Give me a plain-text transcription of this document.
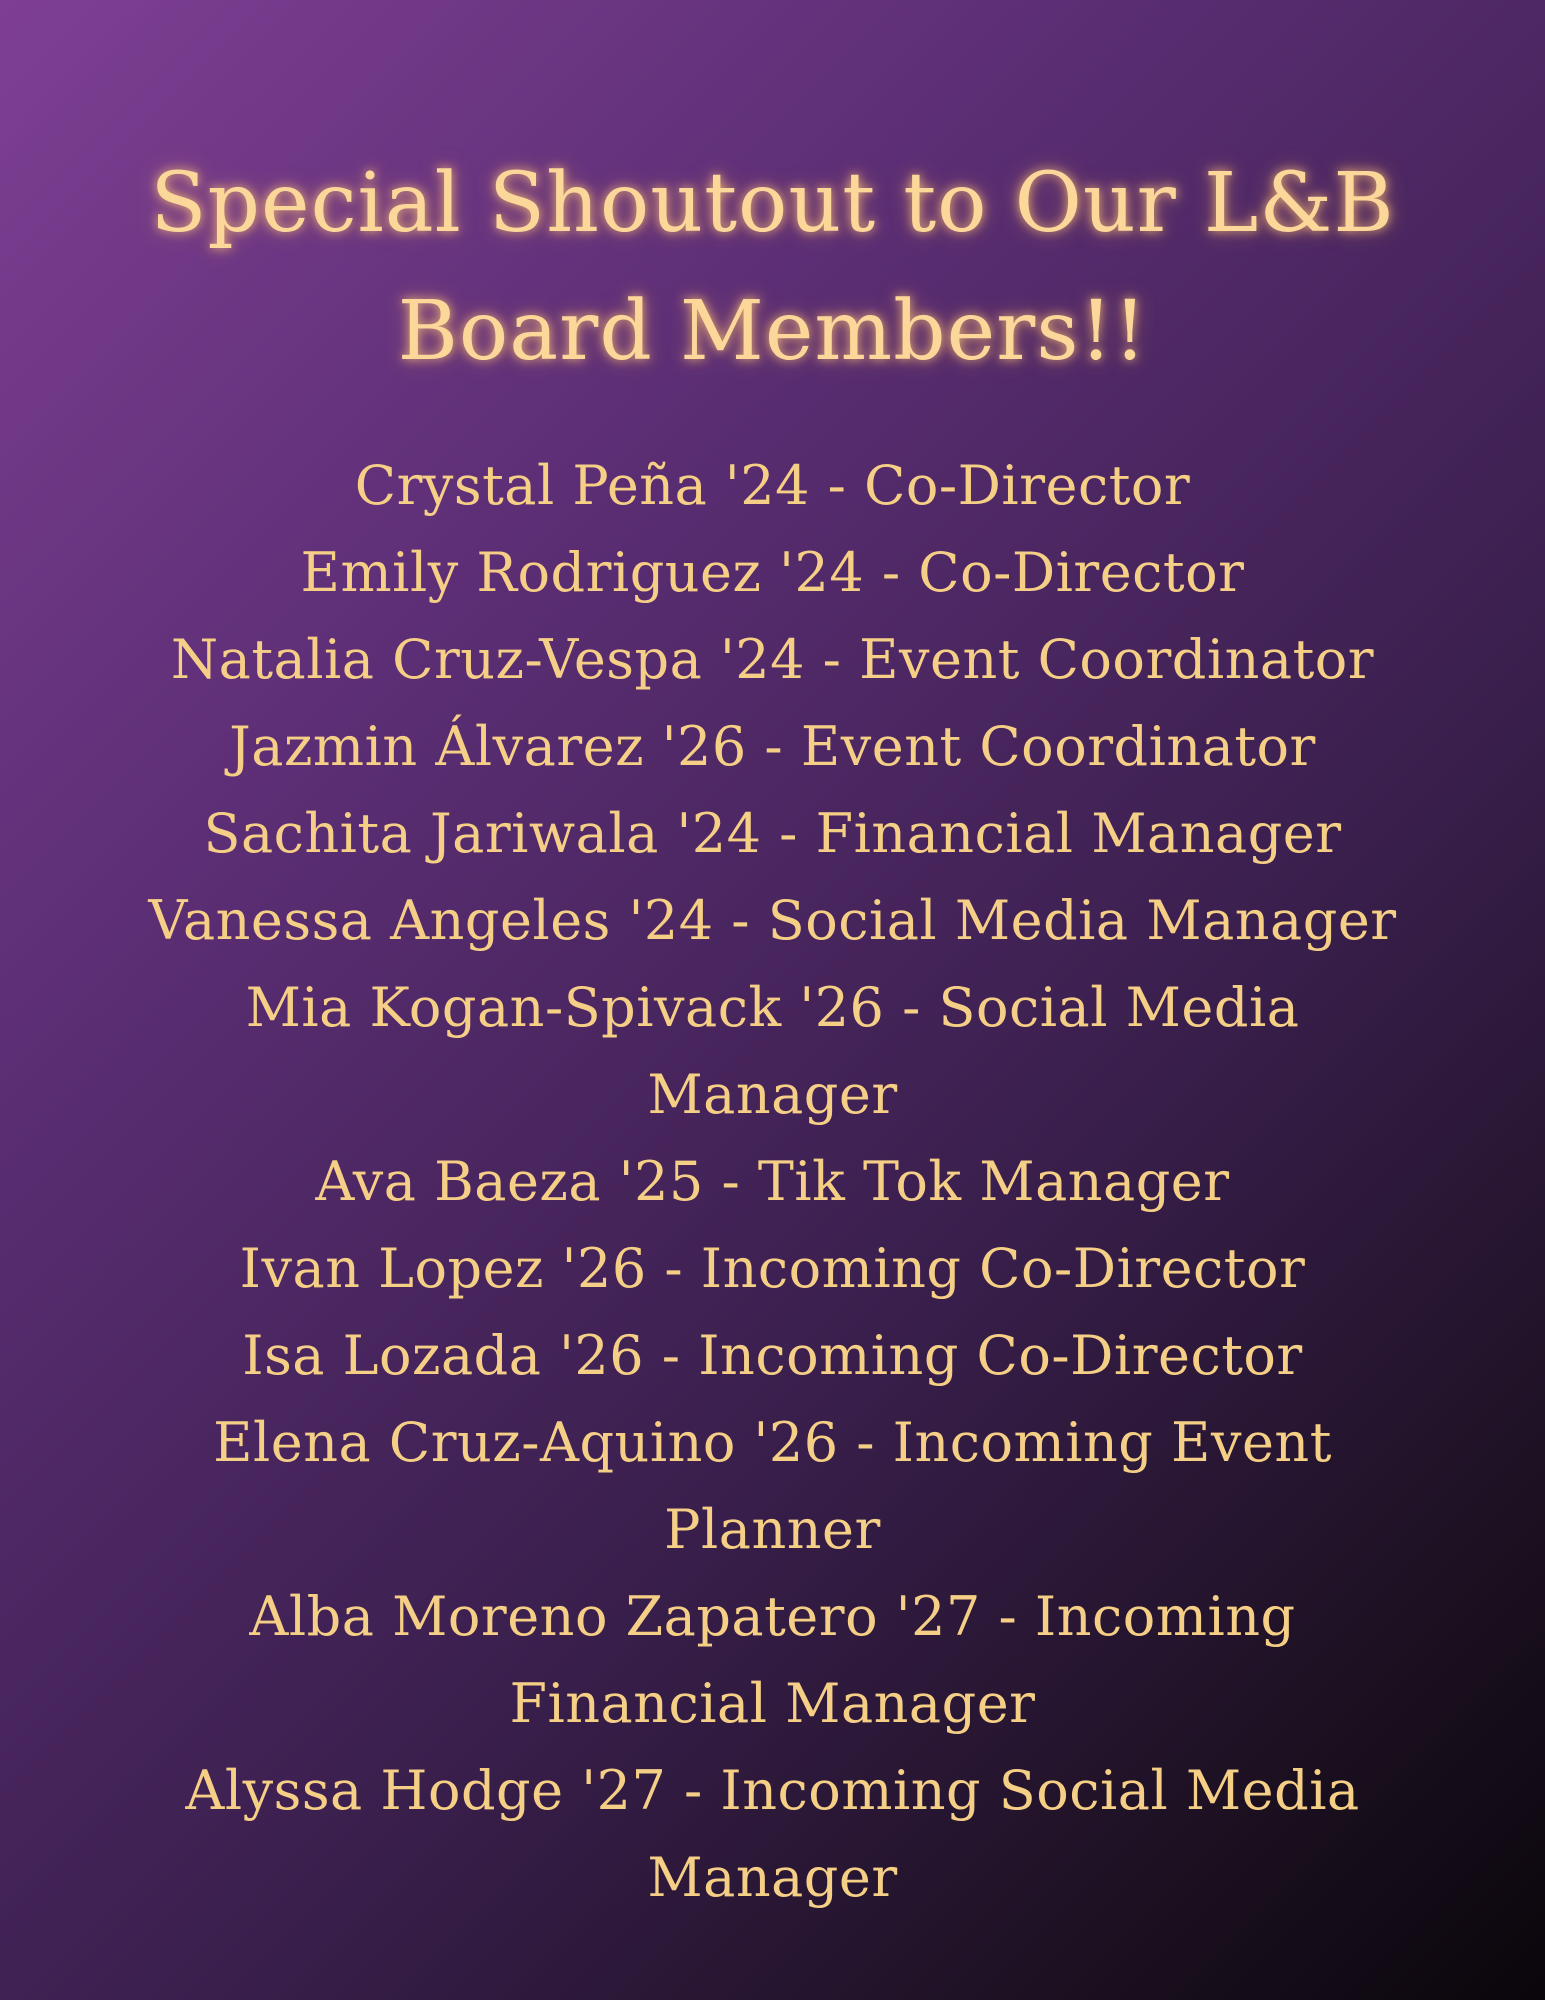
Special Shoutout to Our L&B Board Members!!
Crystal Peña '24 - Co-Director
Emily Rodriguez '24 - Co-Director
Natalia Cruz-Vespa '24 - Event Coordinator
Jazmin Álvarez '26 - Event Coordinator
Sachita Jariwala '24 - Financial Manager
Vanessa Angeles '24 - Social Media Manager
Mia Kogan-Spivack '26 - Social Media Manager
Ava Baeza '25 - Tik Tok Manager
Ivan Lopez '26 - Incoming Co-Director
Isa Lozada '26 - Incoming Co-Director
Elena Cruz-Aquino '26 - Incoming Event Planner
Alba Moreno Zapatero '27 - Incoming Financial Manager
Alyssa Hodge '27 - Incoming Social Media Manager
